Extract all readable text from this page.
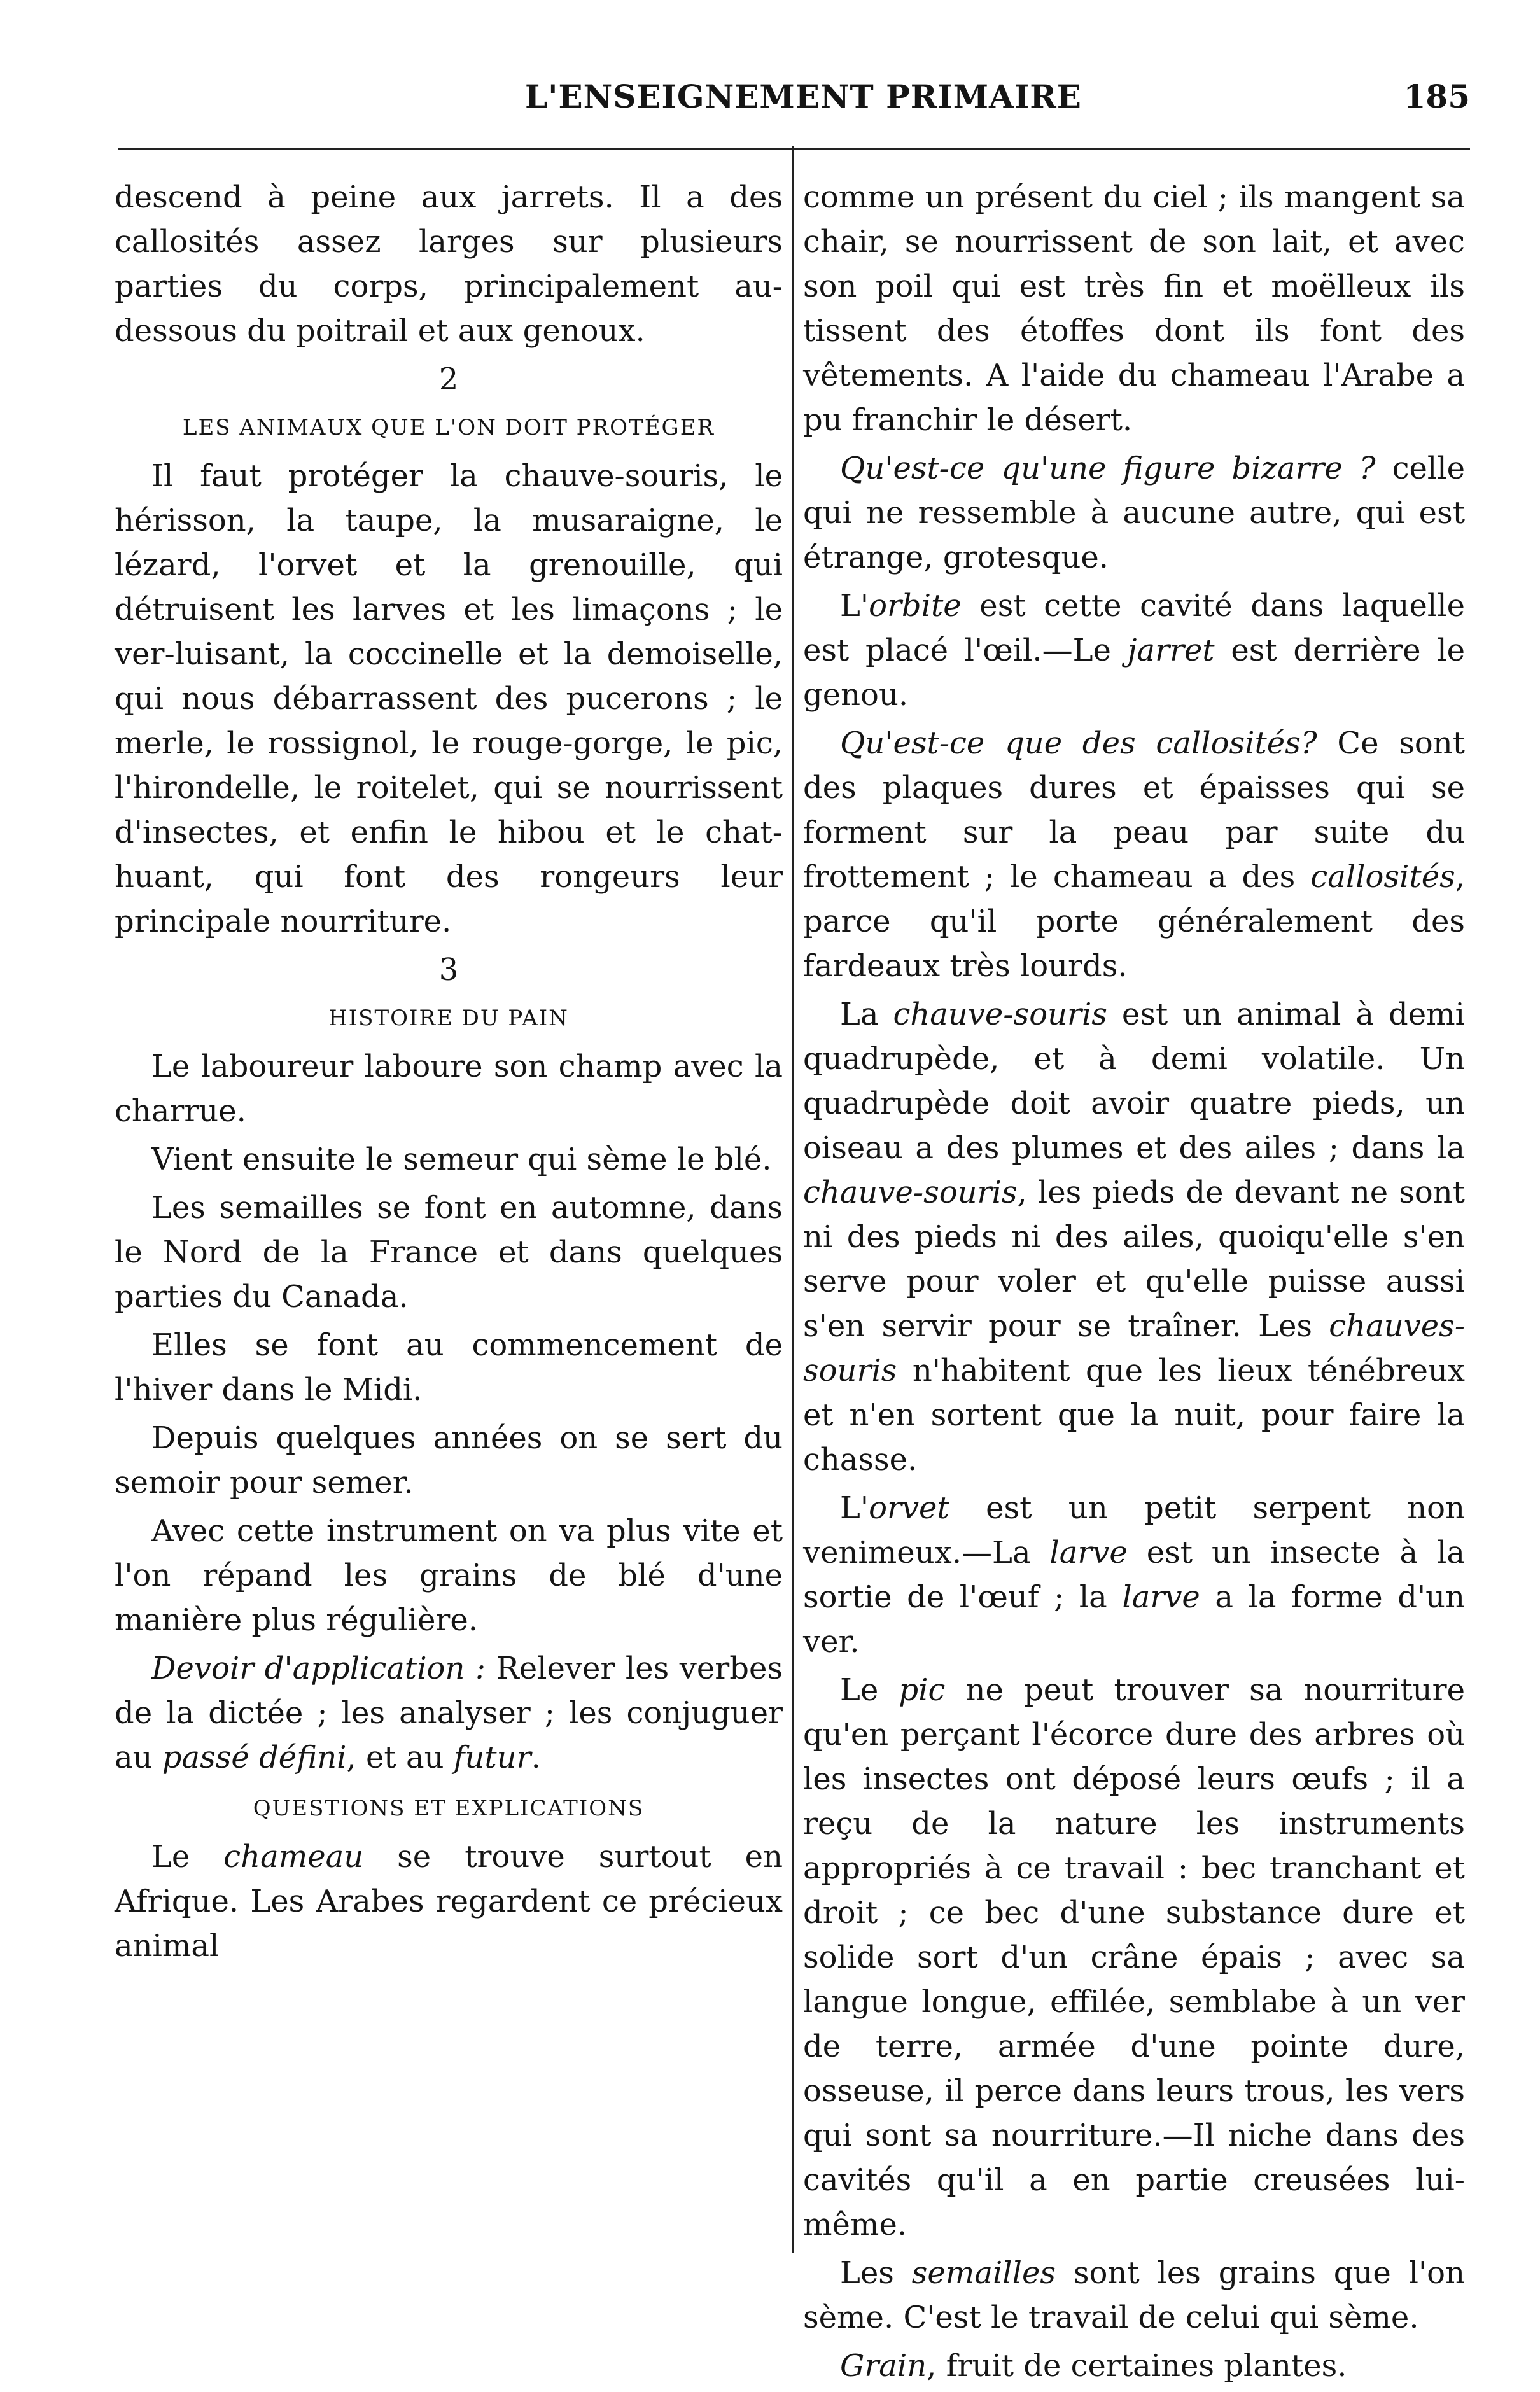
L'ENSEIGNEMENT PRIMAIRE	185

descend à peine aux jarrets. Il a des callosités assez larges sur plusieurs parties du corps, principalement au-dessous du poitrail et aux genoux.

2

LES ANIMAUX QUE L'ON DOIT PROTÉGER

Il faut protéger la chauve-souris, le hérisson, la taupe, la musaraigne, le lézard, l'orvet et la grenouille, qui détruisent les larves et les limaçons ; le ver-luisant, la coccinelle et la demoiselle, qui nous débarrassent des pucerons ; le merle, le rossignol, le rouge-gorge, le pic, l'hirondelle, le roitelet, qui se nourrissent d'insectes, et enfin le hibou et le chat-huant, qui font des rongeurs leur principale nourriture.

3

HISTOIRE DU PAIN

Le laboureur laboure son champ avec la charrue.

Vient ensuite le semeur qui sème le blé.

Les semailles se font en automne, dans le Nord de la France et dans quelques parties du Canada.

Elles se font au commencement de l'hiver dans le Midi.

Depuis quelques années on se sert du semoir pour semer.

Avec cette instrument on va plus vite et l'on répand les grains de blé d'une manière plus régulière.

Devoir d'application : Relever les verbes de la dictée ; les analyser ; les conjuguer au passé défini, et au futur.

QUESTIONS ET EXPLICATIONS

Le chameau se trouve surtout en Afrique. Les Arabes regardent ce précieux animal

comme un présent du ciel ; ils mangent sa chair, se nourrissent de son lait, et avec son poil qui est très fin et moëlleux ils tissent des étoffes dont ils font des vêtements. A l'aide du chameau l'Arabe a pu franchir le désert.

Qu'est-ce qu'une figure bizarre ? celle qui ne ressemble à aucune autre, qui est étrange, grotesque.

L'orbite est cette cavité dans laquelle est placé l'œil.—Le jarret est derrière le genou.

Qu'est-ce que des callosités? Ce sont des plaques dures et épaisses qui se forment sur la peau par suite du frottement ; le chameau a des callosités, parce qu'il porte généralement des fardeaux très lourds.

La chauve-souris est un animal à demi quadrupède, et à demi volatile. Un quadrupède doit avoir quatre pieds, un oiseau a des plumes et des ailes ; dans la chauve-souris, les pieds de devant ne sont ni des pieds ni des ailes, quoiqu'elle s'en serve pour voler et qu'elle puisse aussi s'en servir pour se traîner. Les chauves-souris n'habitent que les lieux ténébreux et n'en sortent que la nuit, pour faire la chasse.

L'orvet est un petit serpent non venimeux.—La larve est un insecte à la sortie de l'œuf ; la larve a la forme d'un ver.

Le pic ne peut trouver sa nourriture qu'en perçant l'écorce dure des arbres où les insectes ont déposé leurs œufs ; il a reçu de la nature les instruments appropriés à ce travail : bec tranchant et droit ; ce bec d'une substance dure et solide sort d'un crâne épais ; avec sa langue longue, effilée, semblabe à un ver de terre, armée d'une pointe dure, osseuse, il perce dans leurs trous, les vers qui sont sa nourriture.—Il niche dans des cavités qu'il a en partie creusées lui-même.

Les semailles sont les grains que l'on sème. C'est le travail de celui qui sème.

Grain, fruit de certaines plantes.
